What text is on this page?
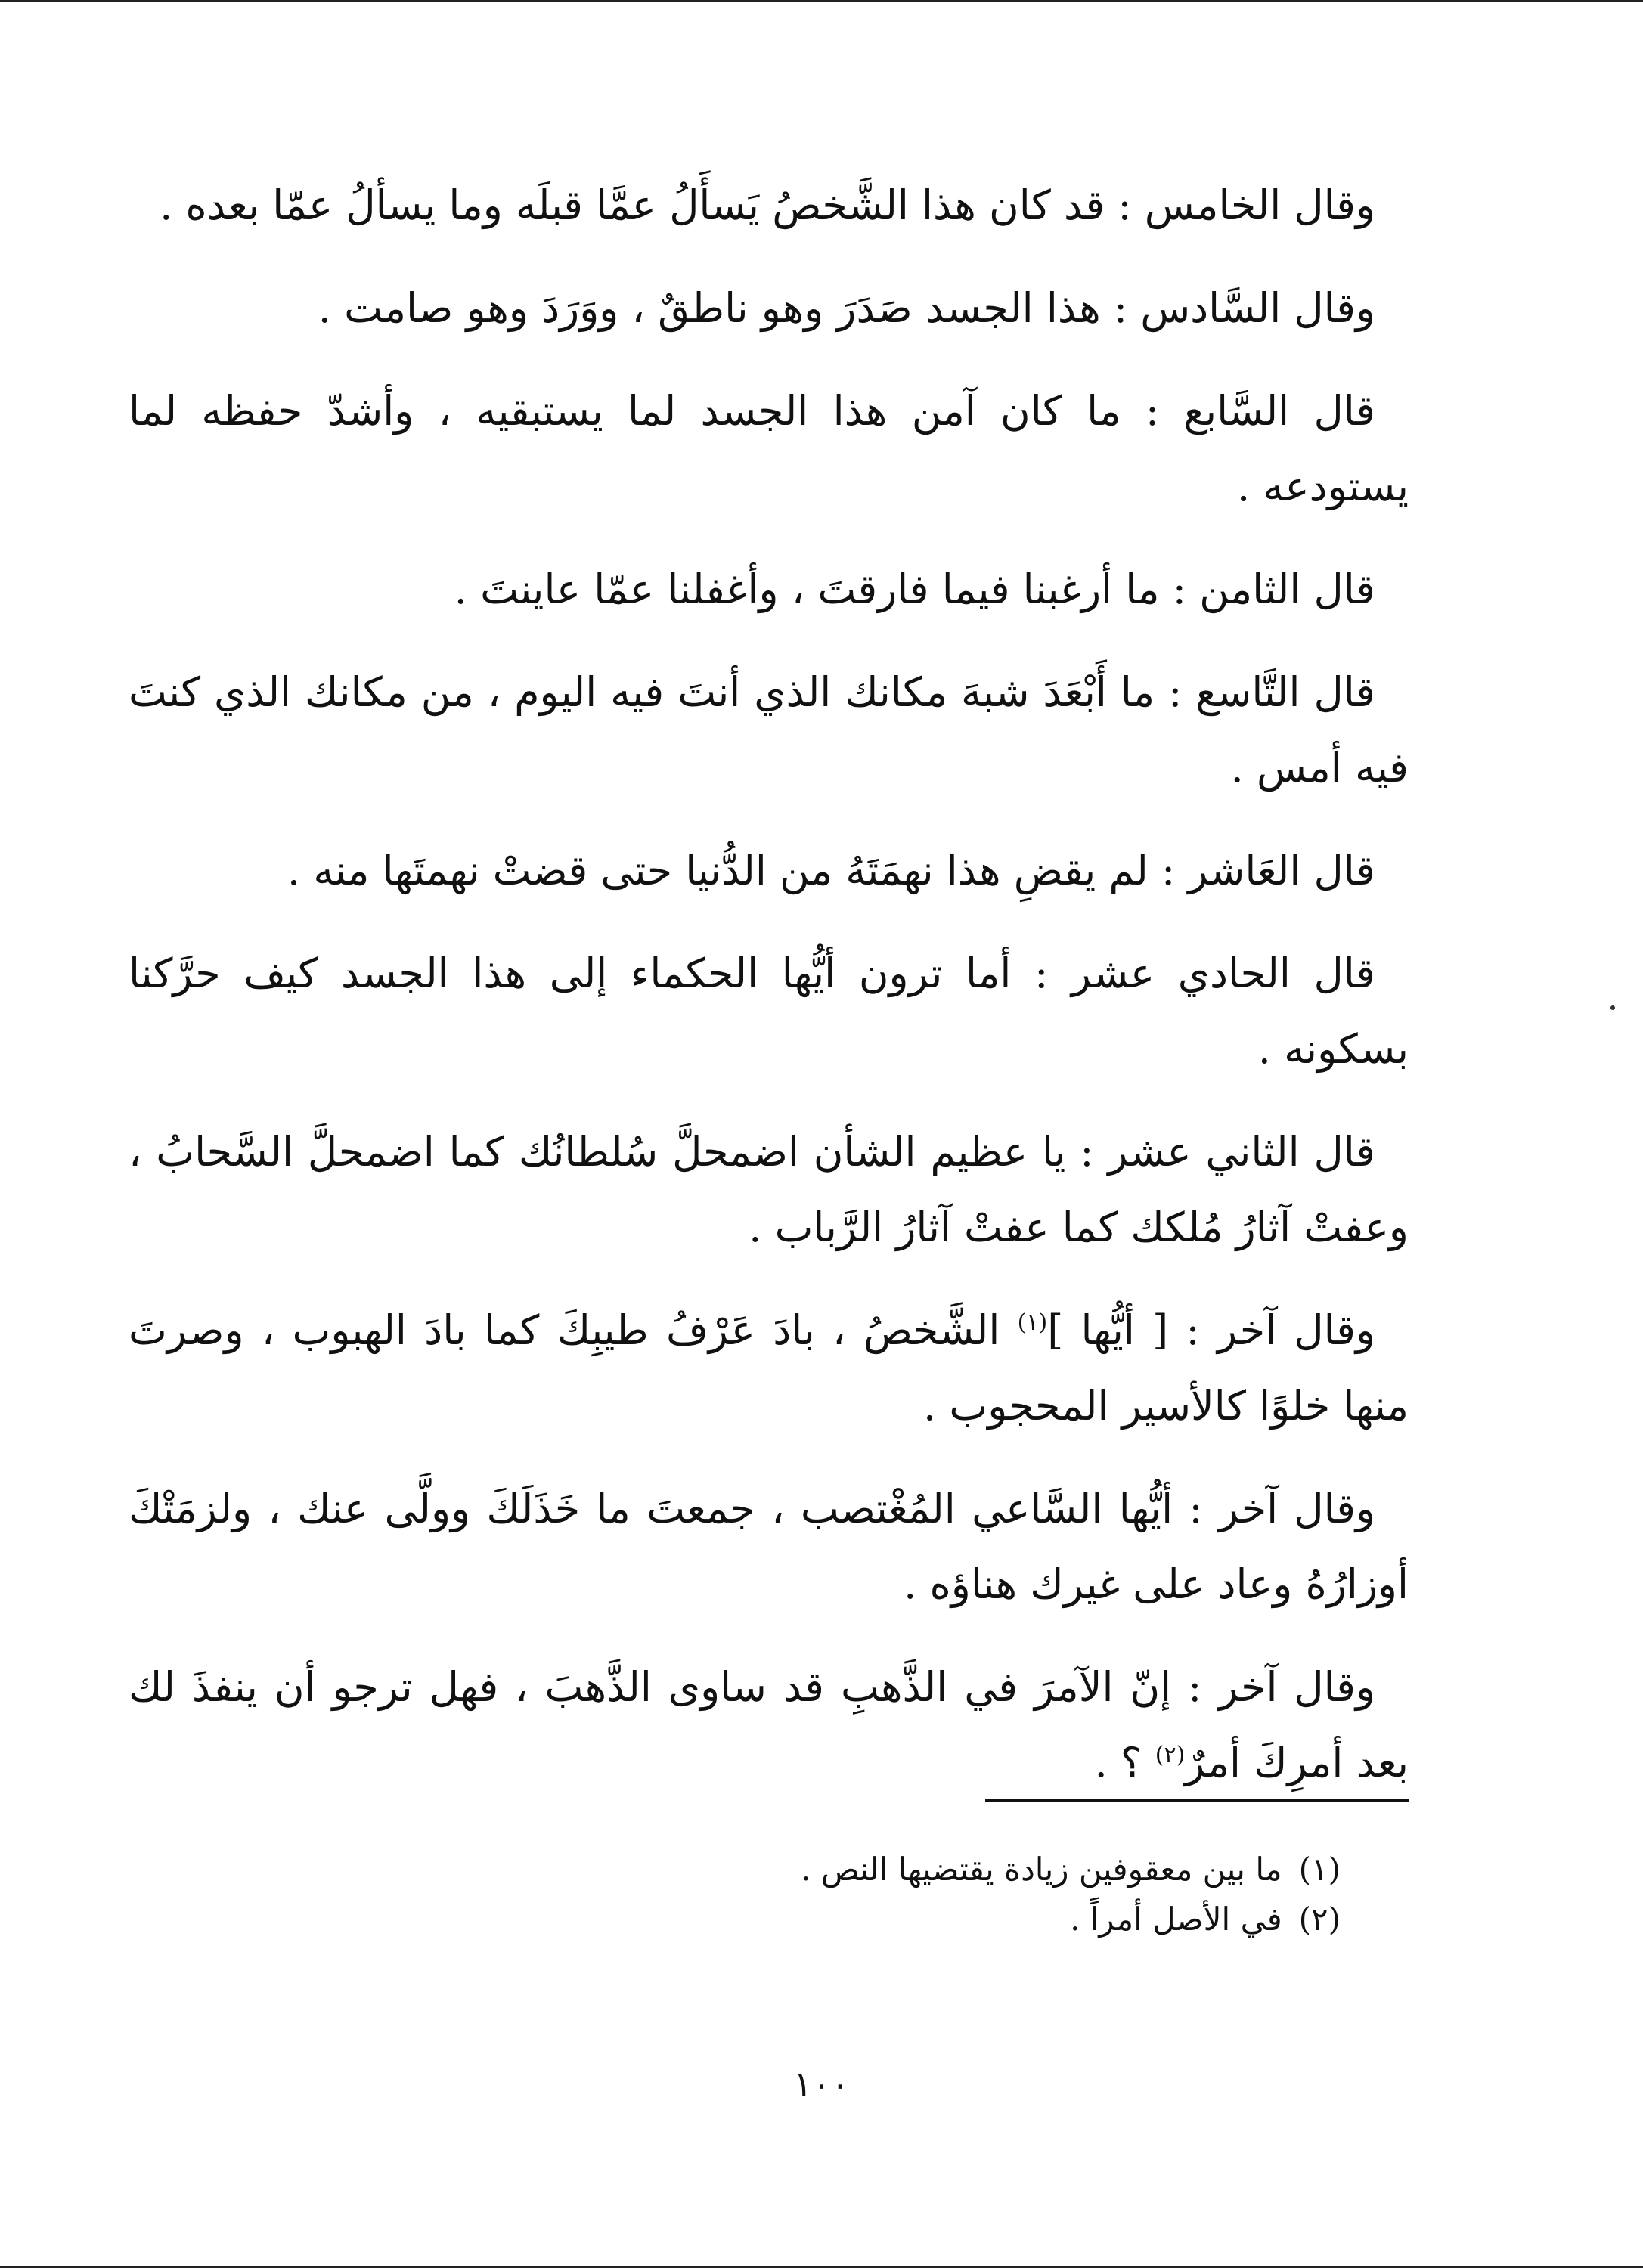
وقال الخامس : قد كان هذا الشَّخصُ يَسأَلُ عمَّا قبلَه وما يسألُ عمّا بعده .

وقال السَّادس : هذا الجسد صَدَرَ وهو ناطقٌ ، ووَرَدَ وهو صامت .

قال السَّابع : ما كان آمن هذا الجسد لما يستبقيه ، وأشدّ حفظه لما يستودعه .

قال الثامن : ما أرغبنا فيما فارقتَ ، وأغفلنا عمّا عاينتَ .

قال التَّاسع : ما أَبْعَدَ شبهَ مكانك الذي أنتَ فيه اليوم ، من مكانك الذي كنتَ فيه أمس .

قال العَاشر : لم يقضِ هذا نهمَتَهُ من الدُّنيا حتى قضتْ نهمتَها منه .

قال الحادي عشر : أما ترون أيُّها الحكماء إلى هذا الجسد كيف حرَّكنا بسكونه .

قال الثاني عشر : يا عظيم الشأن اضمحلَّ سُلطانُك كما اضمحلَّ السَّحابُ ، وعفتْ آثارُ مُلكك كما عفتْ آثارُ الرَّباب .

وقال آخر : [ أيُّها ]$^{(١)}$ الشَّخصُ ، بادَ عَرْفُ طيبِكَ كما بادَ الهبوب ، وصرتَ منها خلوًا كالأسير المحجوب .

وقال آخر : أيُّها السَّاعي المُغْتصب ، جمعتَ ما خَذَلَكَ وولَّى عنك ، ولزمَتْكَ أوزارُهُ وعاد على غيرك هناؤه .

وقال آخر : إنّ الآمرَ في الذَّهبِ قد ساوى الذَّهبَ ، فهل ترجو أن ينفذَ لك بعد أمرِكَ أمرٌ$^{(٢)}$ ؟ .

(١)ما بين معقوفين زيادة يقتضيها النص .

(٢)في الأصل أمراً .

١٠٠
